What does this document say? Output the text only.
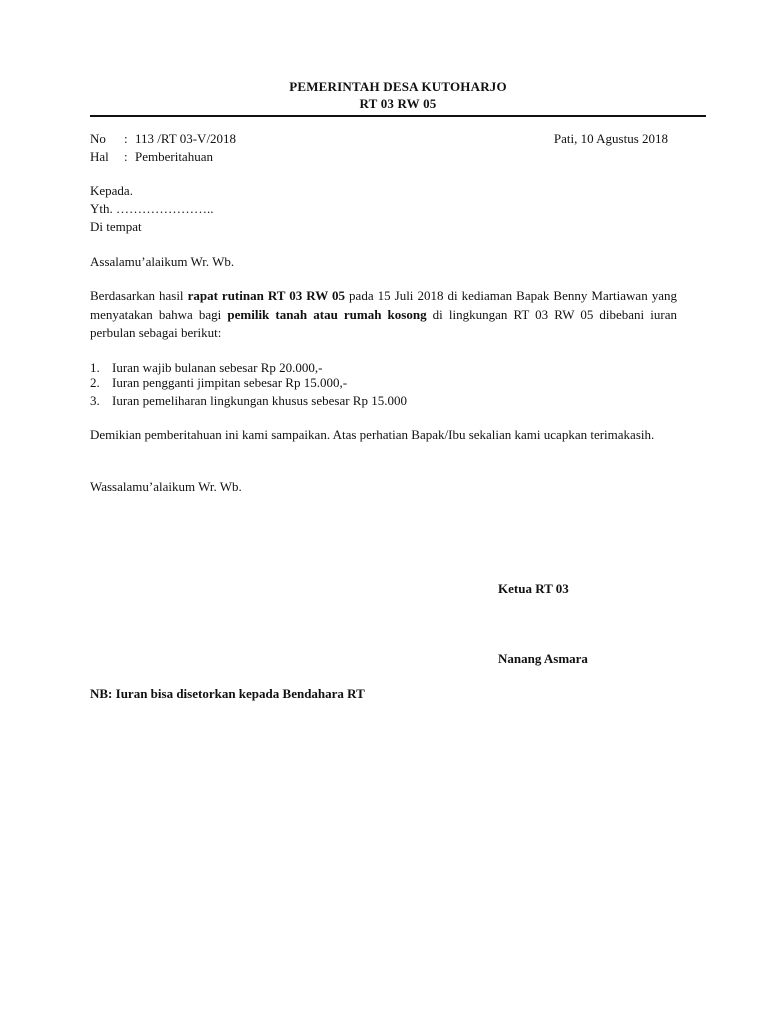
PEMERINTAH DESA KUTOHARJO
RT 03 RW 05
No : 113 /RT 03-V/2018	Pati, 10 Agustus 2018
Hal : Pemberitahuan
Kepada.
Yth. …………………..
Di tempat
Assalamu’alaikum Wr. Wb.
Berdasarkan hasil rapat rutinan RT 03 RW 05 pada 15 Juli 2018 di kediaman Bapak Benny Martiawan yang menyatakan bahwa bagi pemilik tanah atau rumah kosong di lingkungan RT 03 RW 05 dibebani iuran perbulan sebagai berikut:
1. Iuran wajib bulanan sebesar Rp 20.000,-
2. Iuran pengganti jimpitan sebesar Rp 15.000,-
3. Iuran pemeliharan lingkungan khusus sebesar Rp 15.000
Demikian pemberitahuan ini kami sampaikan. Atas perhatian Bapak/Ibu sekalian kami ucapkan terimakasih.
Wassalamu’alaikum Wr. Wb.
Ketua RT 03
Nanang Asmara
NB: Iuran bisa disetorkan kepada Bendahara RT
